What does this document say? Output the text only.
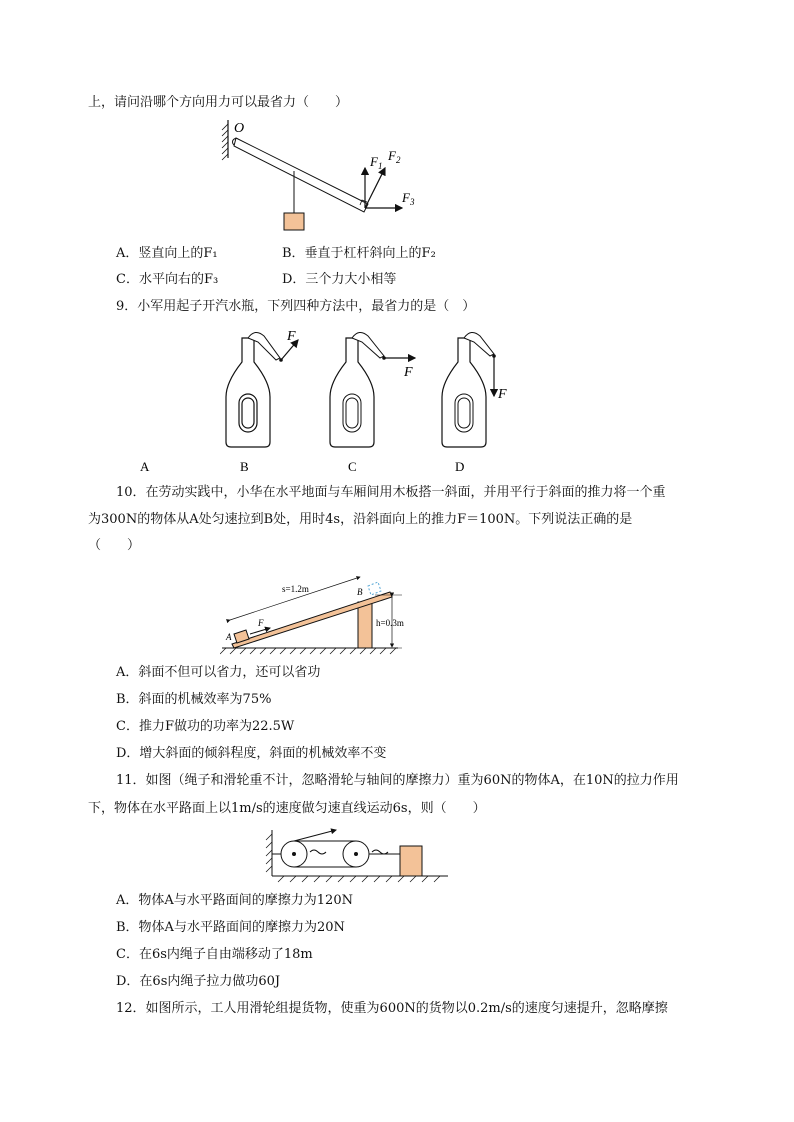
上，请问沿哪个方向用力可以最省力（　　）
O
$F_1$
$F_2$
$F_3$
A．竖直向上的F₁	B．垂直于杠杆斜向上的F₂
C．水平向右的F₃	D．三个力大小相等
9．小军用起子开汽水瓶，下列四种方法中，最省力的是（　）
F
F
F
A	B	C	D
10．在劳动实践中，小华在水平地面与车厢间用木板搭一斜面，并用平行于斜面的推力将一个重
为300N的物体从A处匀速拉到B处，用时4s，沿斜面向上的推力F＝100N。下列说法正确的是
（　　）
F
A
B
s=1.2m
h=0.3m
A．斜面不但可以省力，还可以省功
B．斜面的机械效率为75%
C．推力F做功的功率为22.5W
D．增大斜面的倾斜程度，斜面的机械效率不变
11．如图（绳子和滑轮重不计，忽略滑轮与轴间的摩擦力）重为60N的物体A，在10N的拉力作用
下，物体在水平路面上以1m/s的速度做匀速直线运动6s，则（　　）
A．物体A与水平路面间的摩擦力为120N
B．物体A与水平路面间的摩擦力为20N
C．在6s内绳子自由端移动了18m
D．在6s内绳子拉力做功60J
12．如图所示，工人用滑轮组提货物，使重为600N的货物以0.2m/s的速度匀速提升，忽略摩擦
